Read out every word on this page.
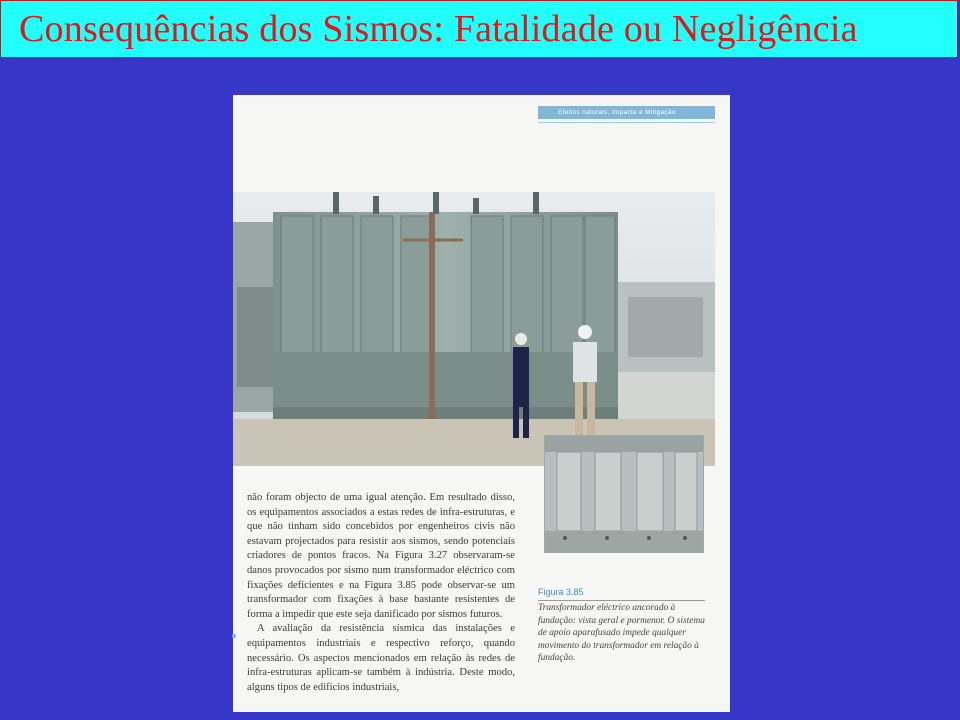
Consequências dos Sismos: Fatalidade ou Negligência
Efeitos naturais, Impacte e Mitigação

não foram objecto de uma igual atenção. Em resultado disso, os equipamentos associados a estas redes de infra-estruturas, e que não tinham sido concebidos por engenheiros civis não estavam projectados para resistir aos sismos, sendo potenciais criadores de pontos fracos. Na Figura 3.27 observaram-se danos provocados por sismo num transformador eléctrico com fixações deficientes e na Figura 3.85 pode observar-se um transformador com fixações à base bastante resistentes de forma a impedir que este seja danificado por sismos futuros.

A avaliação da resistência sísmica das instalações e equipamentos industriais e respectivo reforço, quando necessário. Os aspectos mencionados em relação às redes de infra-estruturas aplicam-se também à indústria. Deste modo, alguns tipos de edifícios industriais,

Figura 3.85
Transformador eléctrico ancorado à fundação: vista geral e pormenor. O sistema de apoio aparafusado impede qualquer movimento do transformador em relação à fundação.
